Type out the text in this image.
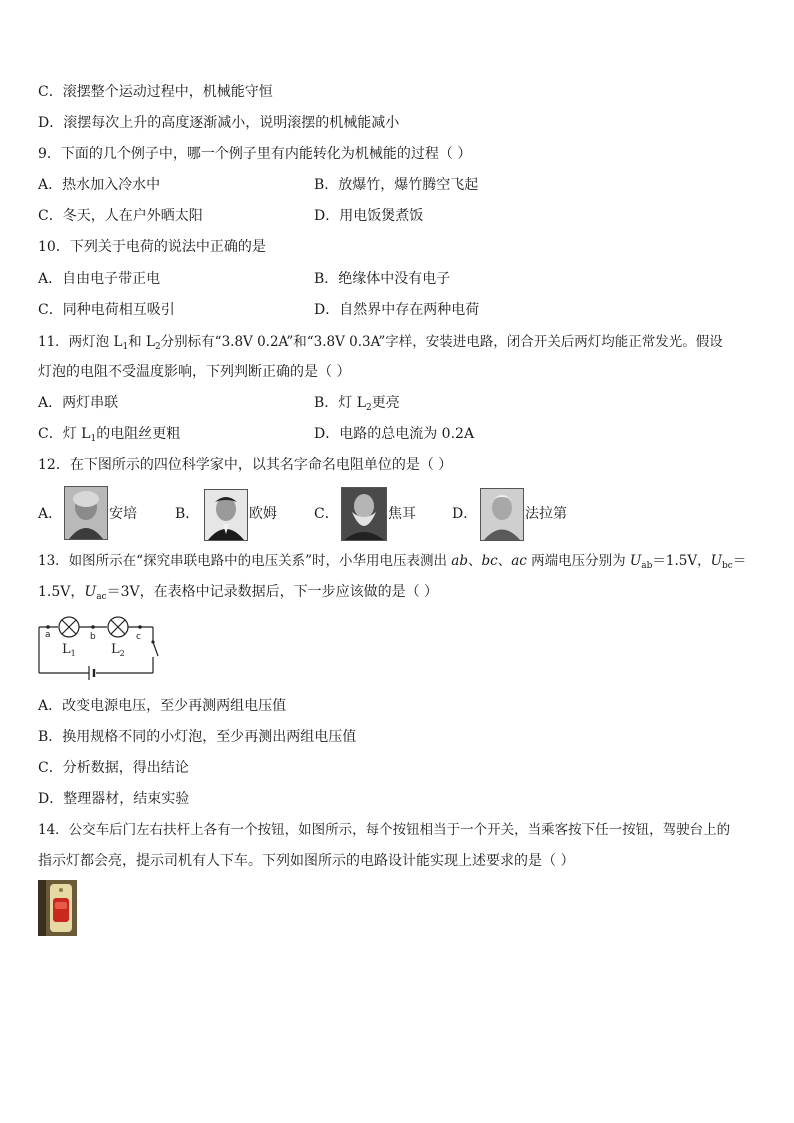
C．滚摆整个运动过程中，机械能守恒
D．滚摆每次上升的高度逐渐减小，说明滚摆的机械能减小
9．下面的几个例子中，哪一个例子里有内能转化为机械能的过程（ ）
A．热水加入冷水中	B．放爆竹，爆竹腾空飞起
C．冬天，人在户外晒太阳	D．用电饭煲煮饭
10．下列关于电荷的说法中正确的是
A．自由电子带正电	B．绝缘体中没有电子
C．同种电荷相互吸引	D．自然界中存在两种电荷
11．两灯泡 $L_1$和 $L_2$分别标有“3.8V 0.2A”和“3.8V 0.3A”字样，安装进电路，闭合开关后两灯均能正常发光。假设
灯泡的电阻不受温度影响，下列判断正确的是（ ）
A．两灯串联	B．灯 $L_2$更亮
C．灯 $L_1$的电阻丝更粗	D．电路的总电流为 0.2A
12．在下图所示的四位科学家中，以其名字命名电阻单位的是（ ）
A．	安培	B．	欧姆	C．	焦耳	D．	法拉第
13．如图所示在“探究串联电路中的电压关系”时，小华用电压表测出 ab、bc、ac 两端电压分别为 $U_{ab}=1.5V$，$U_{bc}=$
1.5V，$U_{ac}=3V$，在表格中记录数据后，下一步应该做的是（ ）
a	b	c
$L_1$	$L_2$
A．改变电源电压，至少再测两组电压值
B．换用规格不同的小灯泡，至少再测出两组电压值
C．分析数据，得出结论
D．整理器材，结束实验
14．公交车后门左右扶杆上各有一个按钮，如图所示，每个按钮相当于一个开关，当乘客按下任一按钮，驾驶台上的
指示灯都会亮，提示司机有人下车。下列如图所示的电路设计能实现上述要求的是（ ）
